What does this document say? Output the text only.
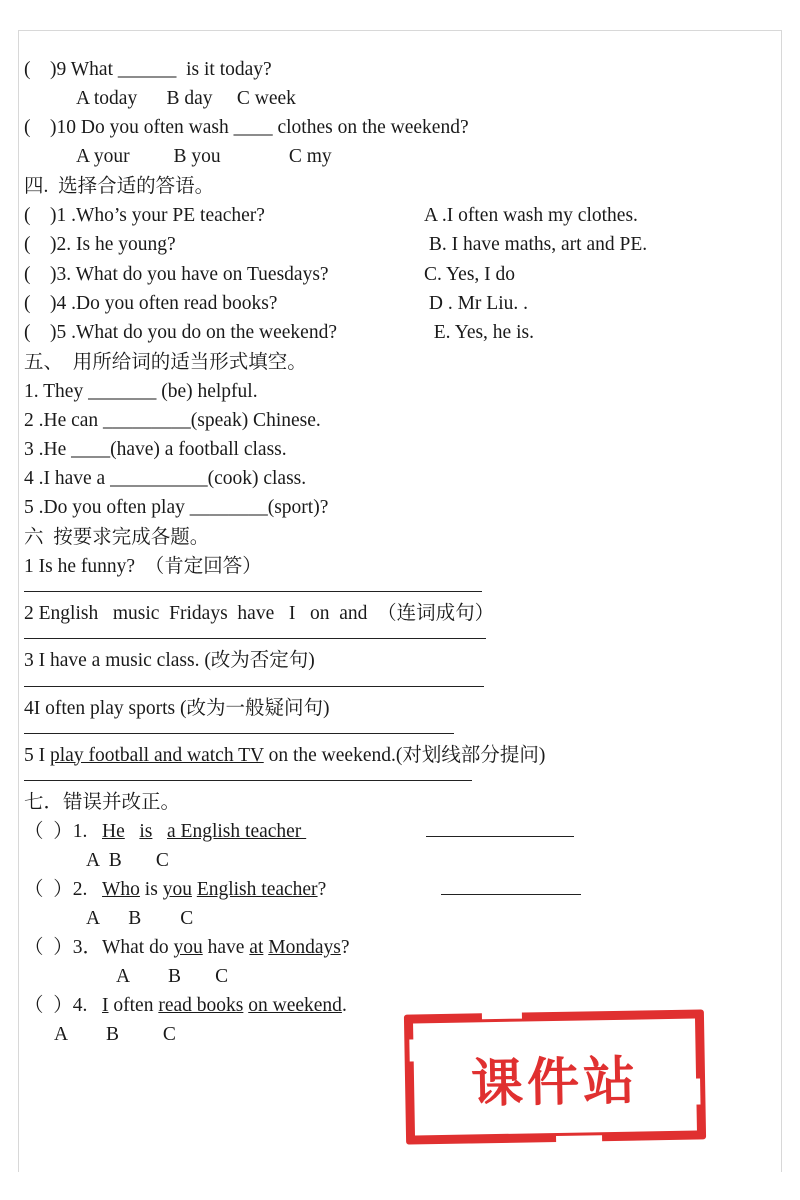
(    )9 What ______  is it today?

A today      B day     C week

(    )10 Do you often wash ____ clothes on the weekend?

A your         B you              C my

四.  选择合适的答语。

(    )1 .Who’s your PE teacher?	A .I often wash my clothes.
(    )2. Is he young?	B. I have maths, art and PE.
(    )3. What do you have on Tuesdays?	C. Yes, I do
(    )4 .Do you often read books?	D . Mr Liu. .
(    )5 .What do you do on the weekend?	E. Yes, he is.

五、  用所给词的适当形式填空。

1. They _______ (be) helpful.

2 .He can _________(speak) Chinese.

3 .He ____(have) a football class.

4 .I have a __________(cook) class.

5 .Do you often play ________(sport)?

六  按要求完成各题。

1 Is he funny?  （肯定回答）

2 English   music  Fridays  have   I   on  and  （连词成句）

3 I have a music class. (改为否定句)

4I often play sports (改为一般疑问句)

5 I play football and watch TV on the weekend.(对划线部分提问)

七．错误并改正。

（  ）1.   He is a English teacher

A  B       C

（  ）2.   Who is you English teacher?

A      B        C

（  ）3．What do you have at Mondays?

A        B       C

（  ）4.   I often read books on weekend.

A        B         C

课件站
